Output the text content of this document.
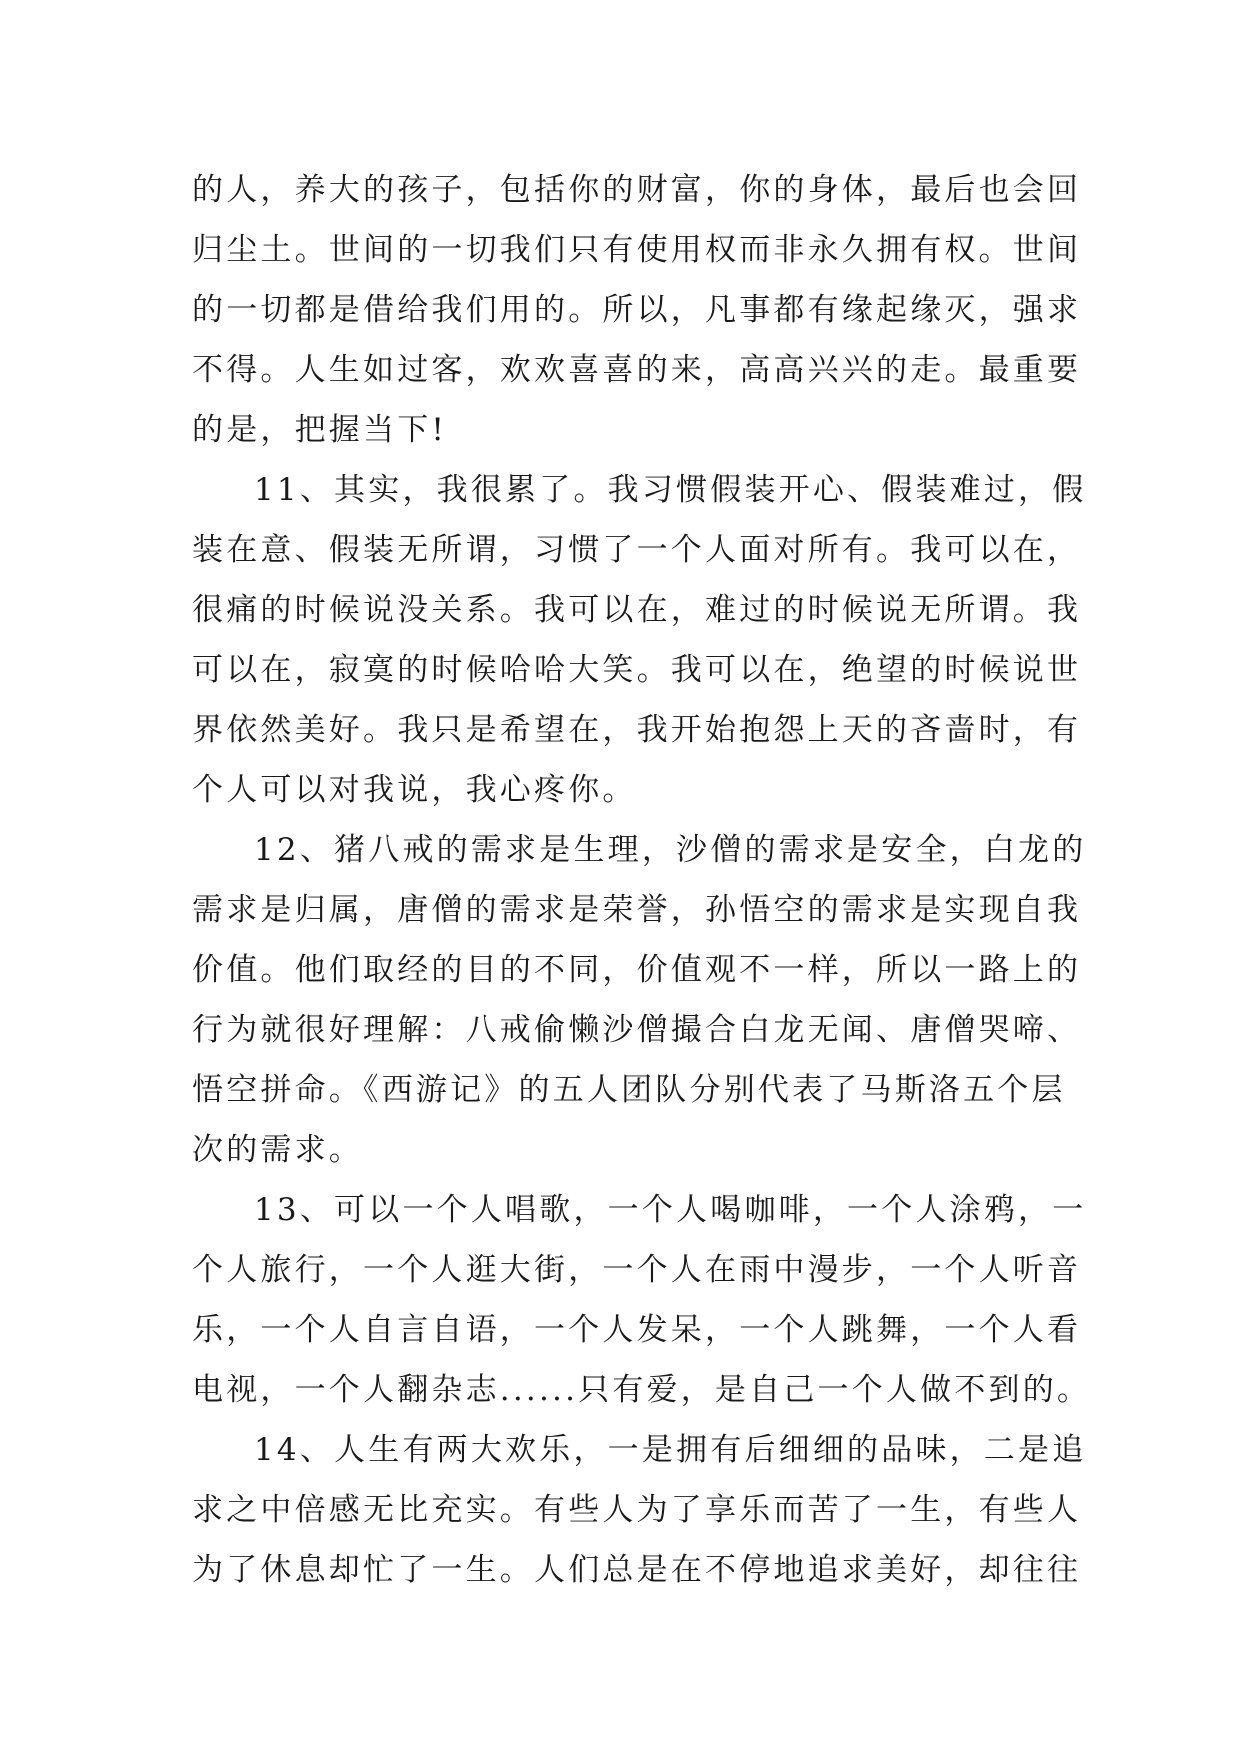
的人，养大的孩子，包括你的财富，你的身体，最后也会回
归尘土。世间的一切我们只有使用权而非永久拥有权。世间
的一切都是借给我们用的。所以，凡事都有缘起缘灭，强求
不得。人生如过客，欢欢喜喜的来，高高兴兴的走。最重要
的是，把握当下!
11、其实，我很累了。我习惯假装开心、假装难过，假
装在意、假装无所谓，习惯了一个人面对所有。我可以在，
很痛的时候说没关系。我可以在，难过的时候说无所谓。我
可以在，寂寞的时候哈哈大笑。我可以在，绝望的时候说世
界依然美好。我只是希望在，我开始抱怨上天的吝啬时，有
个人可以对我说，我心疼你。
12、猪八戒的需求是生理，沙僧的需求是安全，白龙的
需求是归属，唐僧的需求是荣誉，孙悟空的需求是实现自我
价值。他们取经的目的不同，价值观不一样，所以一路上的
行为就很好理解：八戒偷懒沙僧撮合白龙无闻、唐僧哭啼、
悟空拼命。《西游记》的五人团队分别代表了马斯洛五个层
次的需求。
13、可以一个人唱歌，一个人喝咖啡，一个人涂鸦，一
个人旅行，一个人逛大街，一个人在雨中漫步，一个人听音
乐，一个人自言自语，一个人发呆，一个人跳舞，一个人看
电视，一个人翻杂志......只有爱，是自己一个人做不到的。
14、人生有两大欢乐，一是拥有后细细的品味，二是追
求之中倍感无比充实。有些人为了享乐而苦了一生，有些人
为了休息却忙了一生。人们总是在不停地追求美好，却往往
